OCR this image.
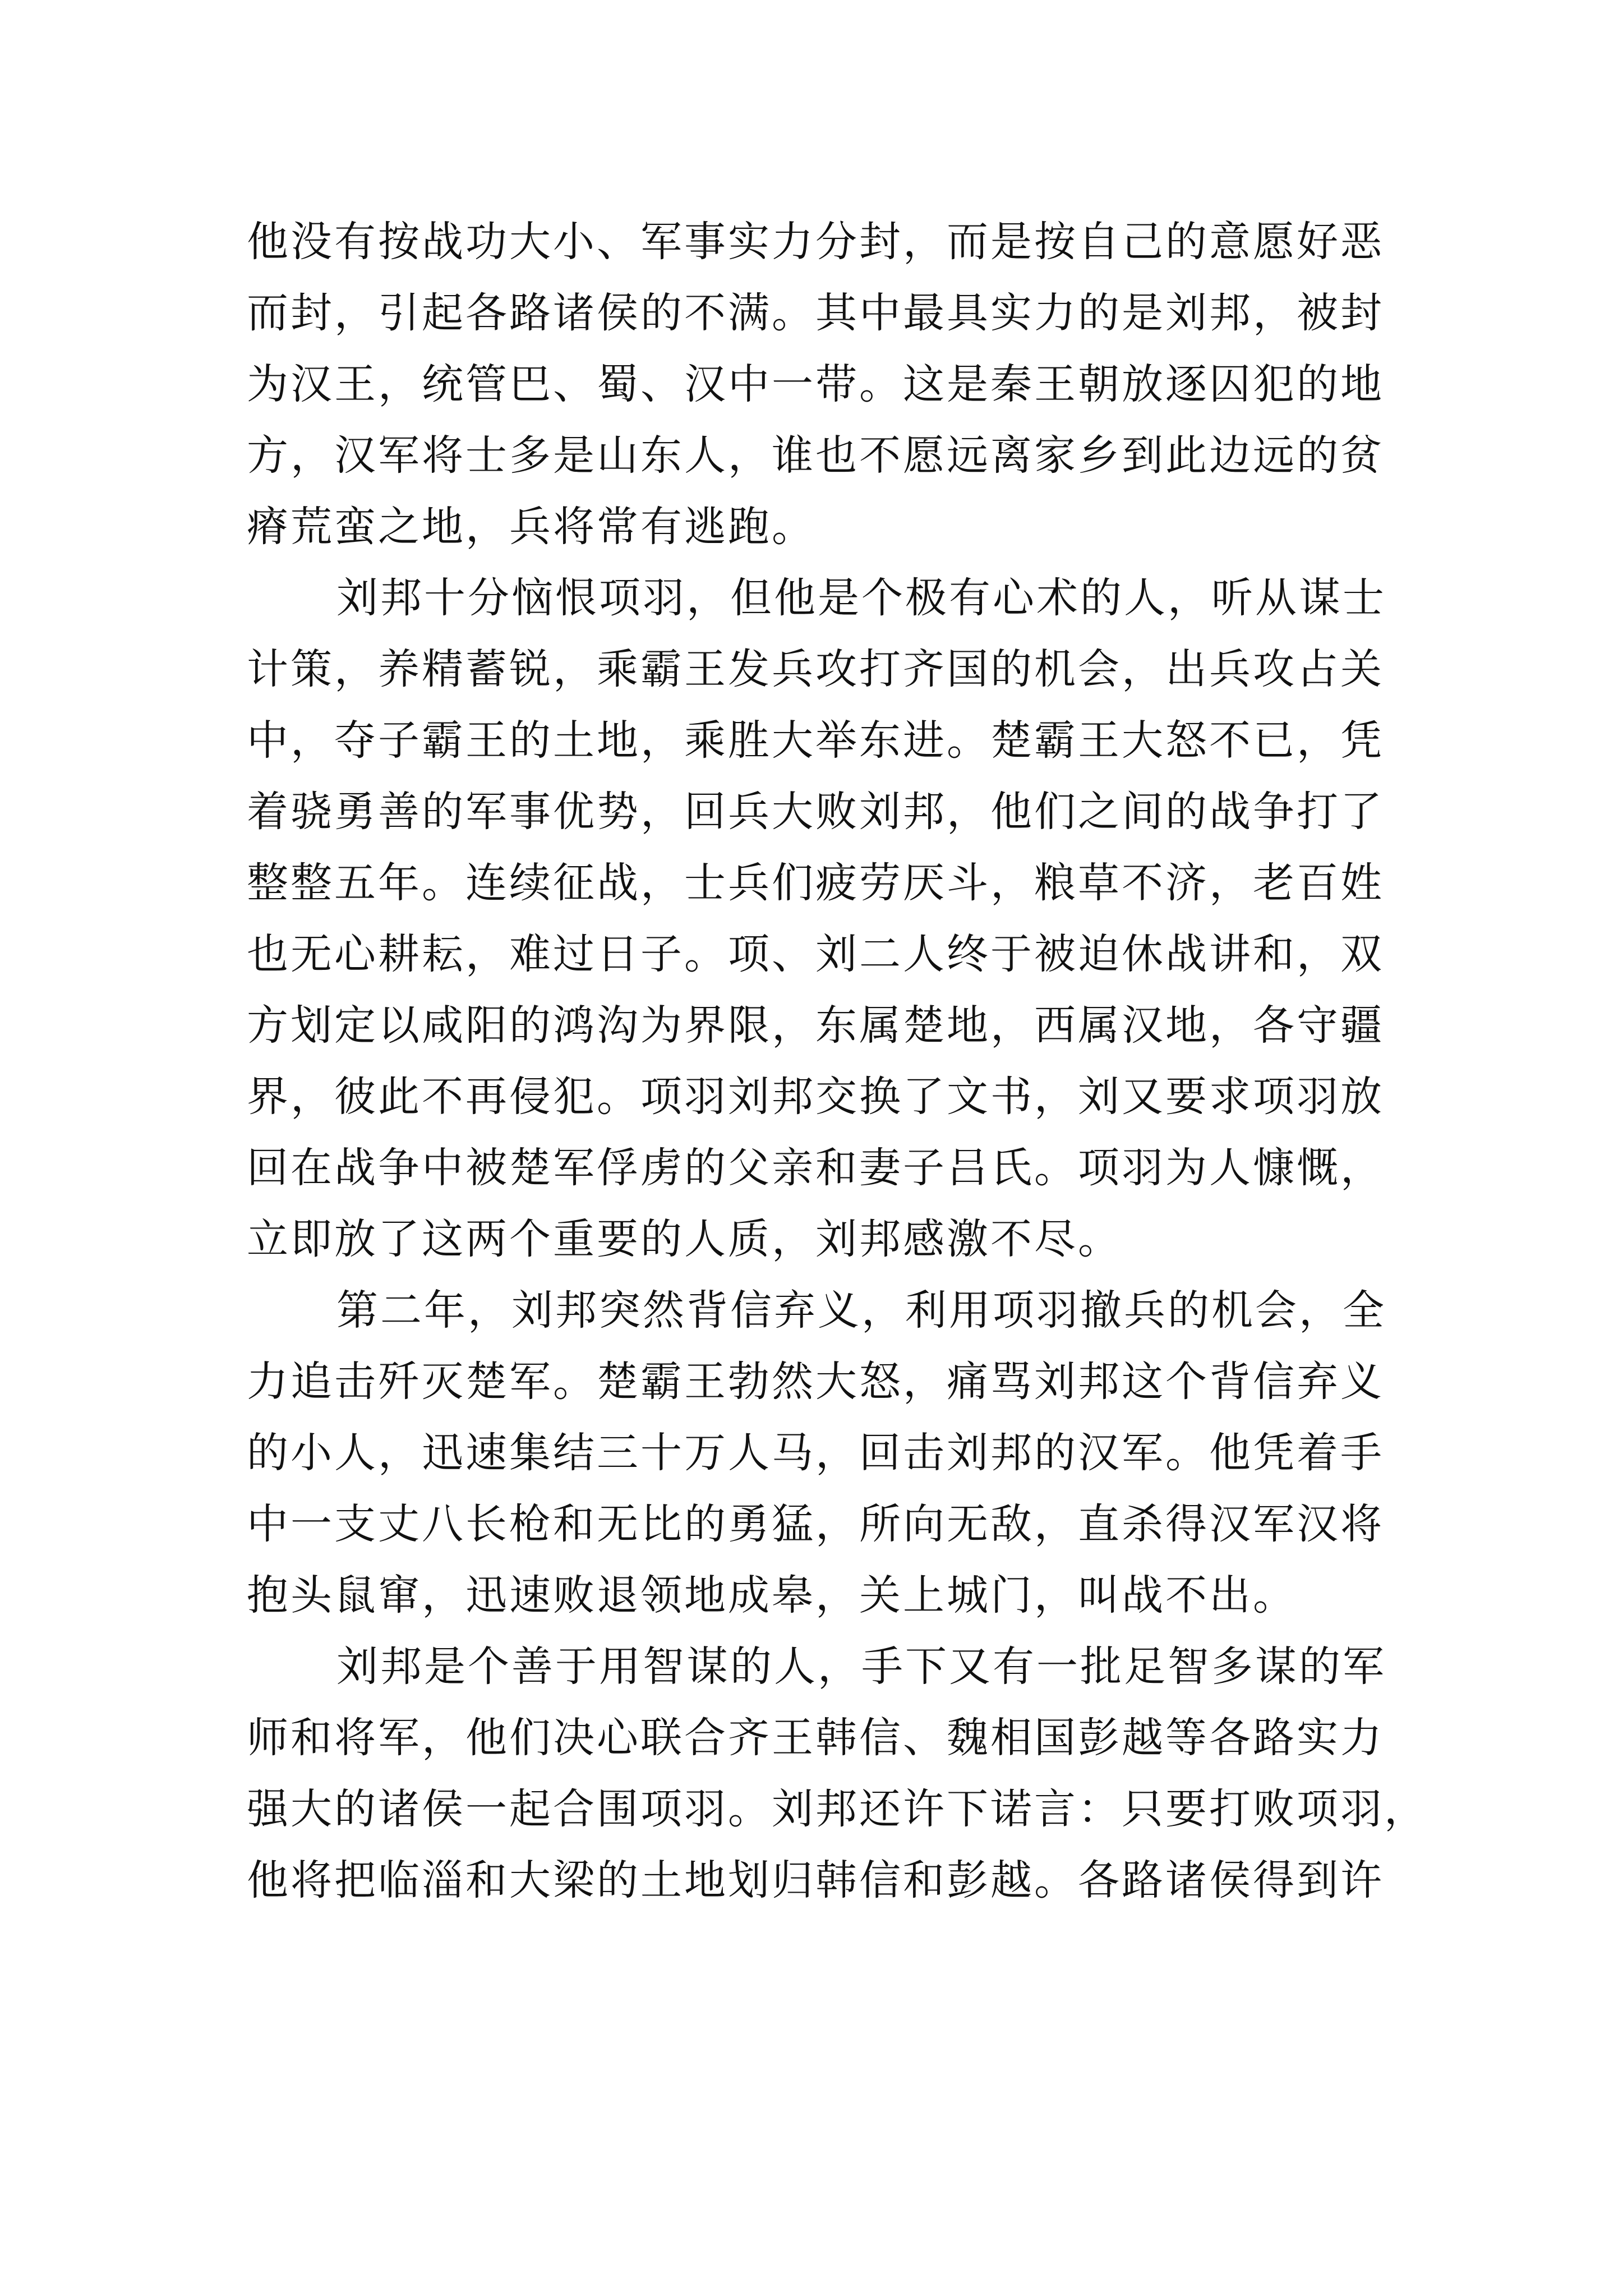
他没有按战功大小、军事实力分封，而是按自己的意愿好恶
而封，引起各路诸侯的不满。其中最具实力的是刘邦，被封
为汉王，统管巴、蜀、汉中一带。这是秦王朝放逐囚犯的地
方，汉军将士多是山东人，谁也不愿远离家乡到此边远的贫
瘠荒蛮之地，兵将常有逃跑。

刘邦十分恼恨项羽，但他是个极有心术的人，听从谋士
计策，养精蓄锐，乘霸王发兵攻打齐国的机会，出兵攻占关
中，夺子霸王的土地，乘胜大举东进。楚霸王大怒不已，凭
着骁勇善的军事优势，回兵大败刘邦，他们之间的战争打了
整整五年。连续征战，士兵们疲劳厌斗，粮草不济，老百姓
也无心耕耘，难过日子。项、刘二人终于被迫休战讲和，双
方划定以咸阳的鸿沟为界限，东属楚地，西属汉地，各守疆
界，彼此不再侵犯。项羽刘邦交换了文书，刘又要求项羽放
回在战争中被楚军俘虏的父亲和妻子吕氏。项羽为人慷慨，
立即放了这两个重要的人质，刘邦感激不尽。

第二年，刘邦突然背信弃义，利用项羽撤兵的机会，全
力追击歼灭楚军。楚霸王勃然大怒，痛骂刘邦这个背信弃义
的小人，迅速集结三十万人马，回击刘邦的汉军。他凭着手
中一支丈八长枪和无比的勇猛，所向无敌，直杀得汉军汉将
抱头鼠窜，迅速败退领地成皋，关上城门，叫战不出。

刘邦是个善于用智谋的人，手下又有一批足智多谋的军
师和将军，他们决心联合齐王韩信、魏相国彭越等各路实力
强大的诸侯一起合围项羽。刘邦还许下诺言：只要打败项羽，
他将把临淄和大梁的土地划归韩信和彭越。各路诸侯得到许
